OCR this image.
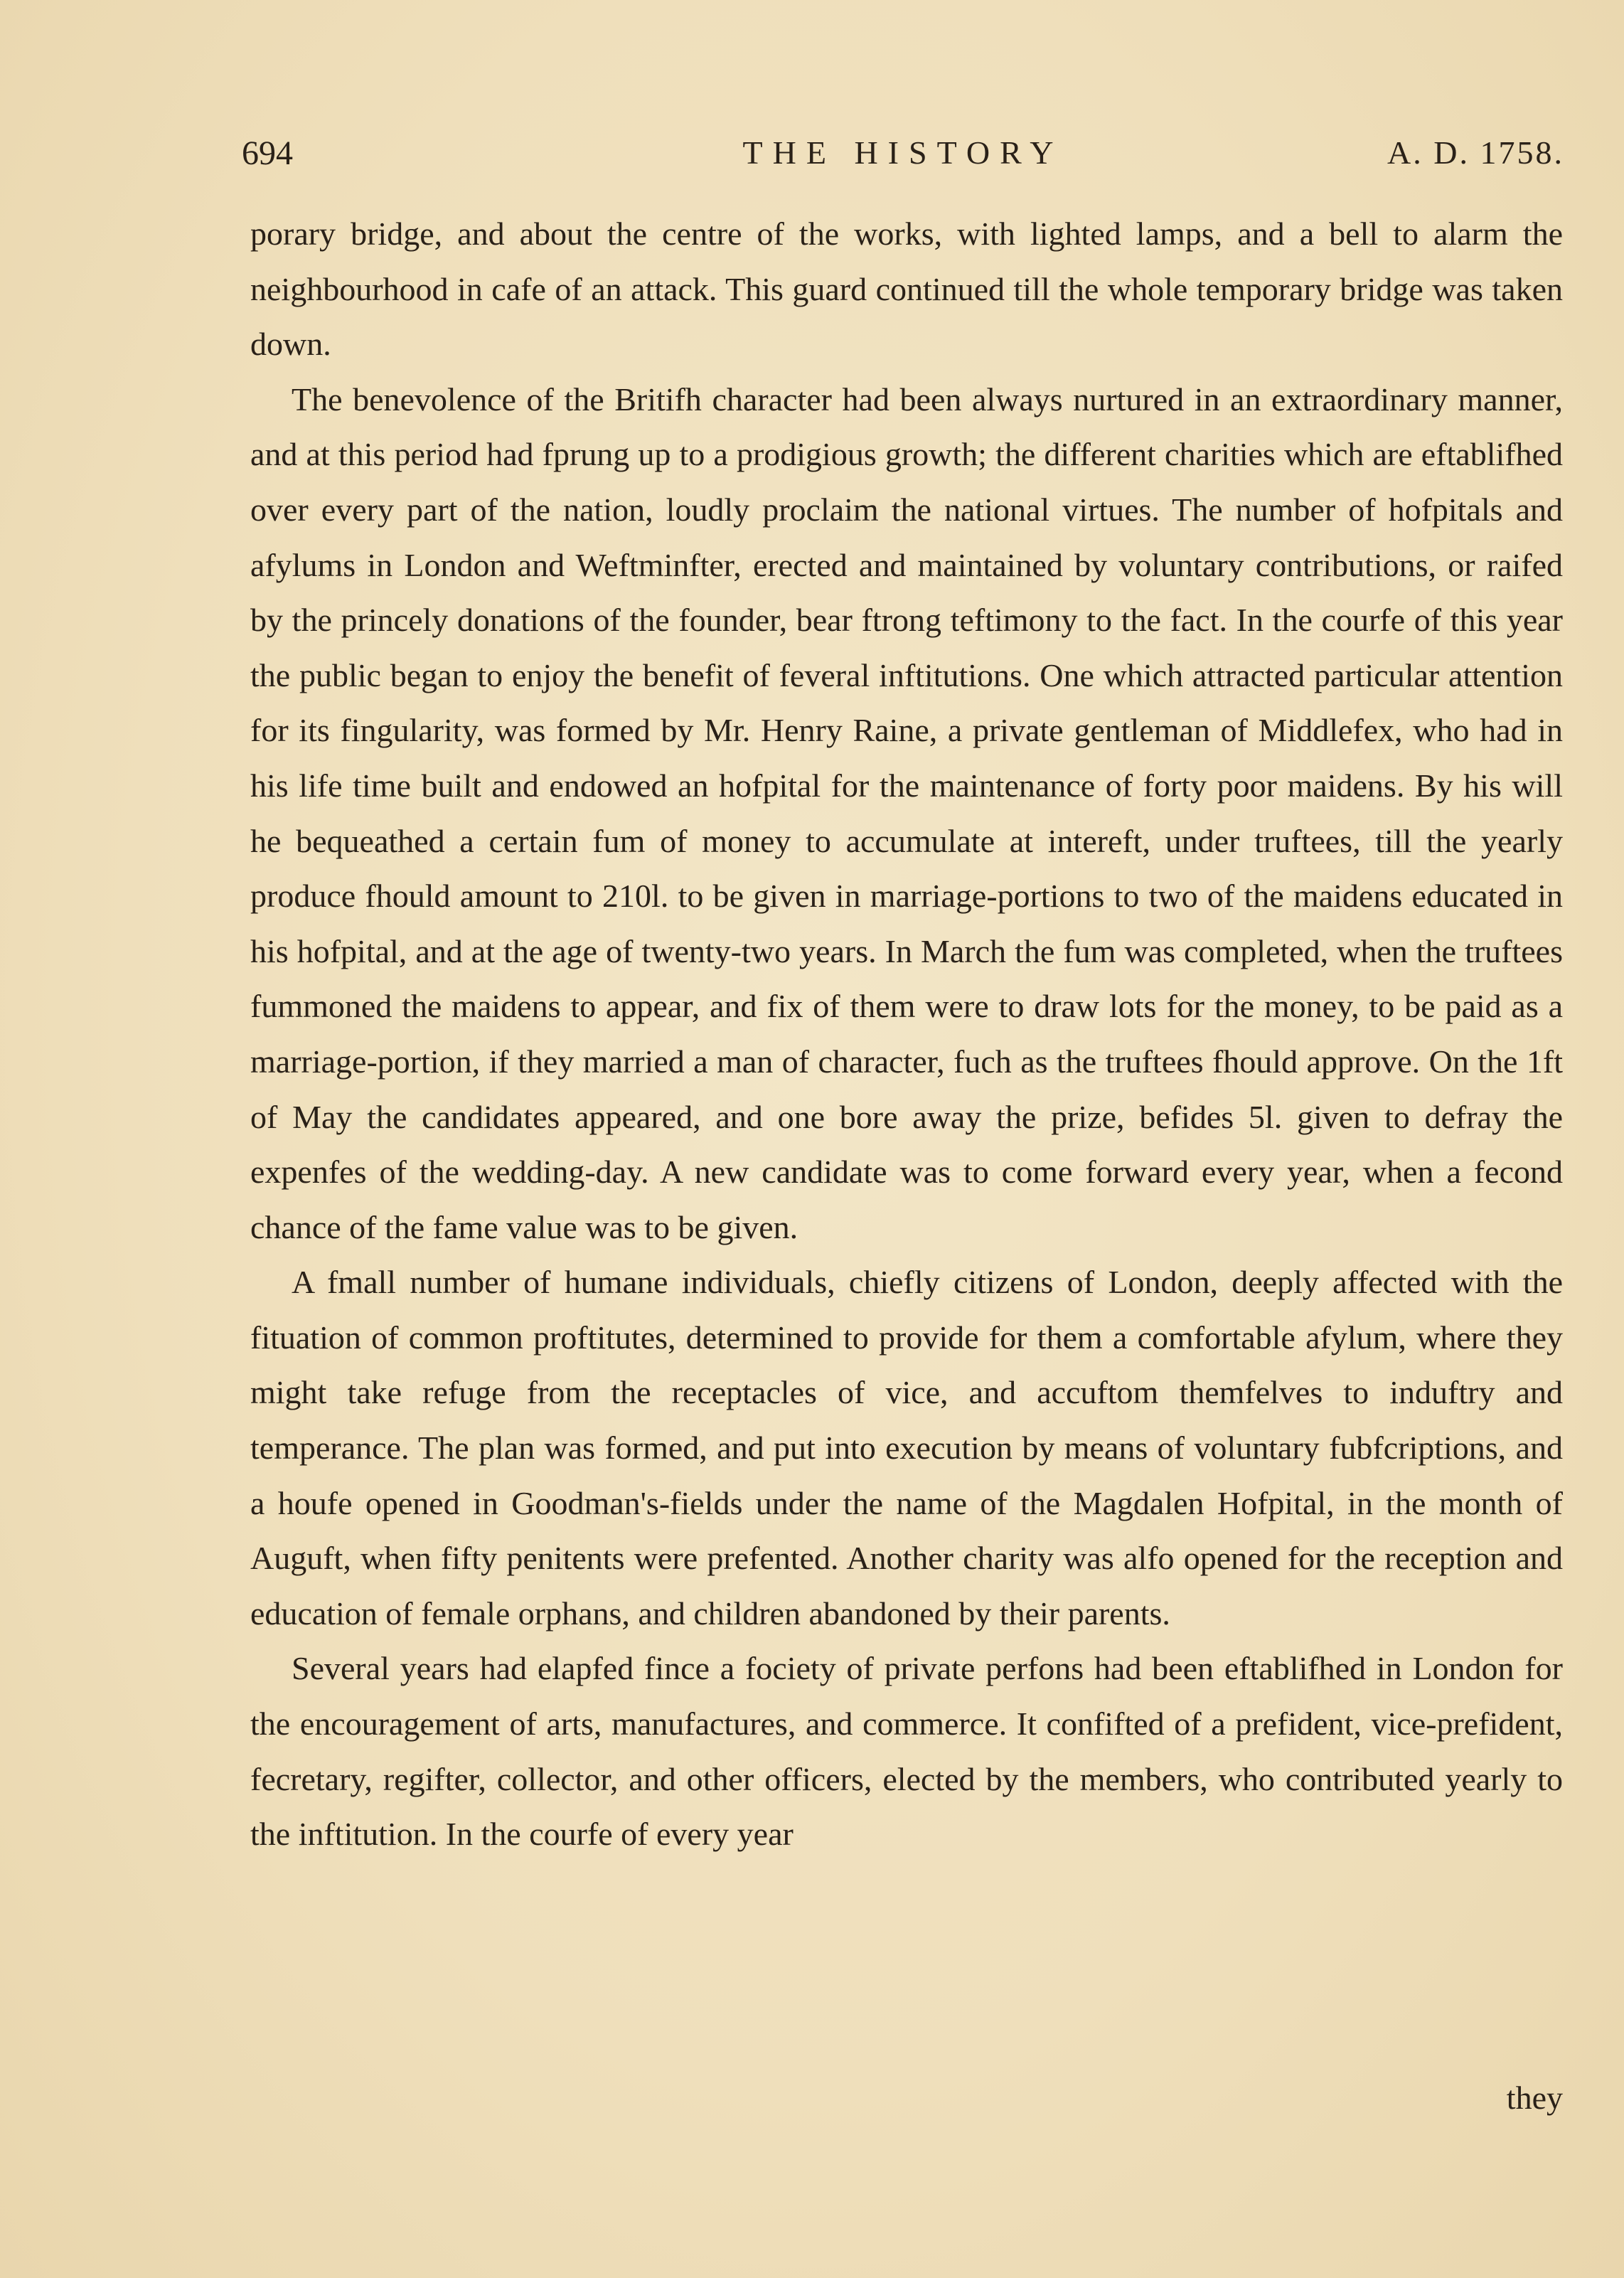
694	THE HISTORY	A. D. 1758.

porary bridge, and about the centre of the works, with lighted lamps, and a bell to alarm the neighbourhood in cafe of an attack. This guard continued till the whole temporary bridge was taken down.

The benevolence of the Britifh character had been always nurtured in an extraordinary manner, and at this period had fprung up to a prodigious growth; the different charities which are eftablifhed over every part of the nation, loudly proclaim the national virtues. The number of hofpitals and afylums in London and Weftminfter, erected and maintained by voluntary contributions, or raifed by the princely donations of the founder, bear ftrong teftimony to the fact. In the courfe of this year the public began to enjoy the benefit of feveral inftitutions. One which attracted particular attention for its fingularity, was formed by Mr. Henry Raine, a private gentleman of Middlefex, who had in his life time built and endowed an hofpital for the maintenance of forty poor maidens. By his will he bequeathed a certain fum of money to accumulate at intereft, under truftees, till the yearly produce fhould amount to 210l. to be given in marriage-portions to two of the maidens educated in his hofpital, and at the age of twenty-two years. In March the fum was completed, when the truftees fummoned the maidens to appear, and fix of them were to draw lots for the money, to be paid as a marriage-portion, if they married a man of character, fuch as the truftees fhould approve. On the 1ft of May the candidates appeared, and one bore away the prize, befides 5l. given to defray the expenfes of the wedding-day. A new candidate was to come forward every year, when a fecond chance of the fame value was to be given.

A fmall number of humane individuals, chiefly citizens of London, deeply affected with the fituation of common proftitutes, determined to provide for them a comfortable afylum, where they might take refuge from the receptacles of vice, and accuftom themfelves to induftry and temperance. The plan was formed, and put into execution by means of voluntary fubfcriptions, and a houfe opened in Goodman's-fields under the name of the Magdalen Hofpital, in the month of Auguft, when fifty penitents were prefented. Another charity was alfo opened for the reception and education of female orphans, and children abandoned by their parents.

Several years had elapfed fince a fociety of private perfons had been eftablifhed in London for the encouragement of arts, manufactures, and commerce. It confifted of a prefident, vice-prefident, fecretary, regifter, collector, and other officers, elected by the members, who contributed yearly to the inftitution. In the courfe of every year

they
